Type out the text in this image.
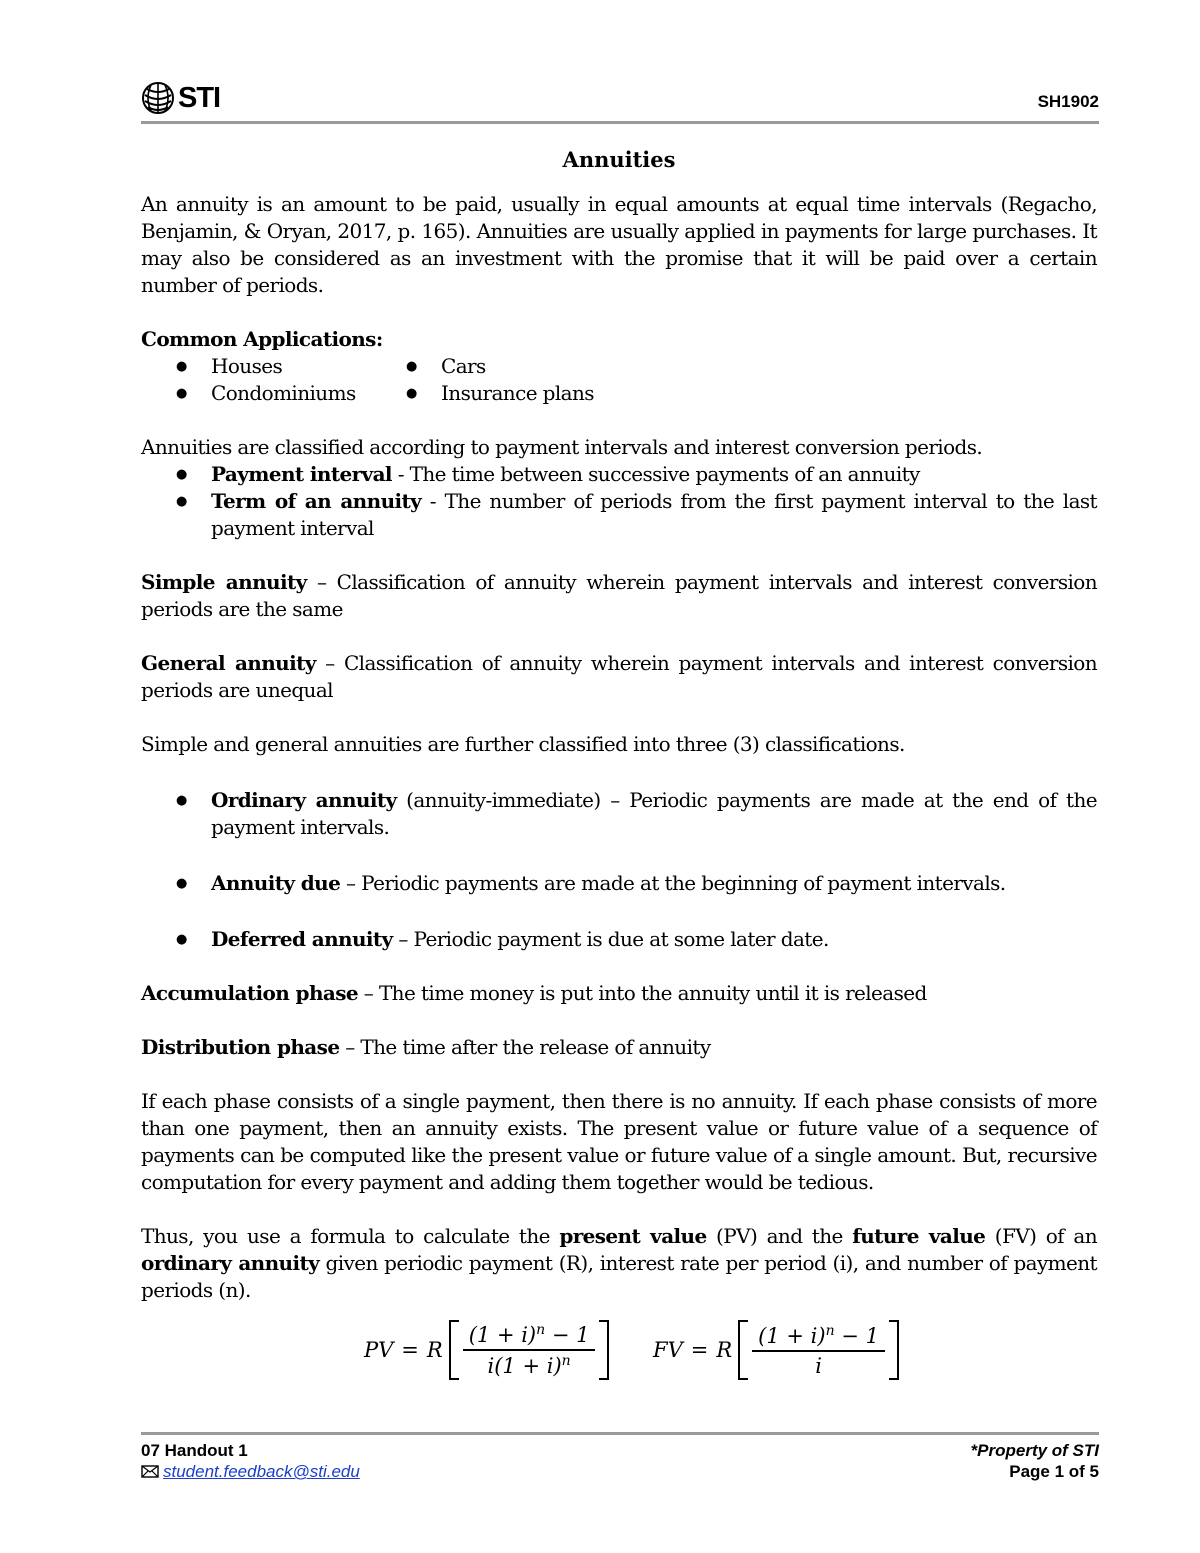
STI	SH1902
Annuities

An annuity is an amount to be paid, usually in equal amounts at equal time intervals (Regacho, Benjamin, & Oryan, 2017, p. 165). Annuities are usually applied in payments for large purchases. It may also be considered as an investment with the promise that it will be paid over a certain number of periods.

Common Applications:

● Houses
● Condominiums
● Cars
● Insurance plans

Annuities are classified according to payment intervals and interest conversion periods.

● Payment interval - The time between successive payments of an annuity
● Term of an annuity - The number of periods from the first payment interval to the last payment interval

Simple annuity – Classification of annuity wherein payment intervals and interest conversion periods are the same

General annuity – Classification of annuity wherein payment intervals and interest conversion periods are unequal

Simple and general annuities are further classified into three (3) classifications.

● Ordinary annuity (annuity-immediate) – Periodic payments are made at the end of the payment intervals.
● Annuity due – Periodic payments are made at the beginning of payment intervals.
● Deferred annuity – Periodic payment is due at some later date.

Accumulation phase – The time money is put into the annuity until it is released

Distribution phase – The time after the release of annuity

If each phase consists of a single payment, then there is no annuity. If each phase consists of more than one payment, then an annuity exists. The present value or future value of a sequence of payments can be computed like the present value or future value of a single amount. But, recursive computation for every payment and adding them together would be tedious.

Thus, you use a formula to calculate the present value (PV) and the future value (FV) of an ordinary annuity given periodic payment (R), interest rate per period (i), and number of payment periods (n).

PV = R $\frac{(1 + i)^n - 1}{i(1 + i)^n}$	FV = R $\frac{(1 + i)^n - 1}{i}$
07 Handout 1
student.feedback@sti.edu
*Property of STI
Page 1 of 5
